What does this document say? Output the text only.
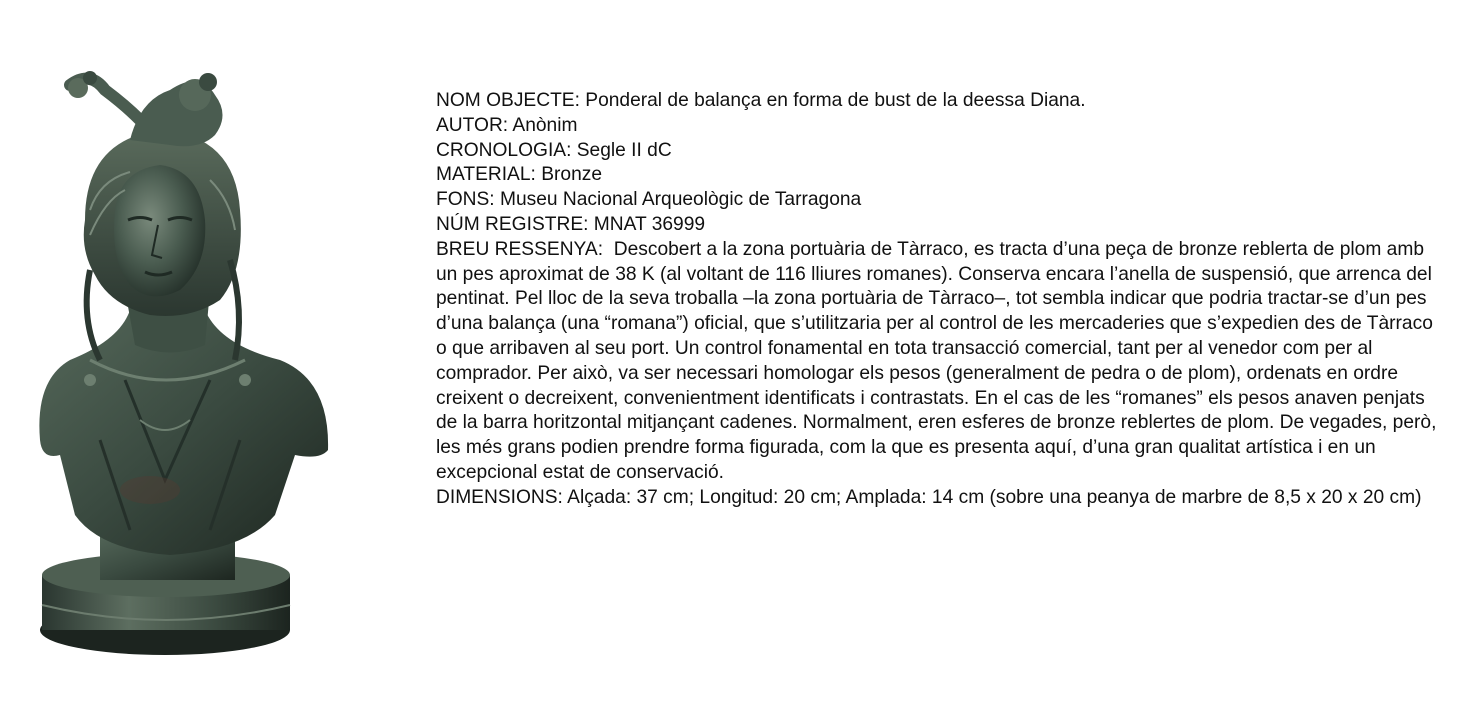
NOM OBJECTE: Ponderal de balança en forma de bust de la deessa Diana.
AUTOR: Anònim
CRONOLOGIA: Segle II dC
MATERIAL: Bronze
FONS: Museu Nacional Arqueològic de Tarragona
NÚM REGISTRE: MNAT 36999
BREU RESSENYA: Descobert a la zona portuària de Tàrraco, es tracta d’una peça de bronze reblerta de plom amb un pes aproximat de 38 K (al voltant de 116 lliures romanes). Conserva encara l’anella de suspensió, que arrenca del pentinat. Pel lloc de la seva troballa –la zona portuària de Tàrraco–, tot sembla indicar que podria tractar-se d’un pes d’una balança (una “romana”) oficial, que s’utilitzaria per al control de les mercaderies que s’expedien des de Tàrraco o que arribaven al seu port. Un control fonamental en tota transacció comercial, tant per al venedor com per al comprador. Per això, va ser necessari homologar els pesos (generalment de pedra o de plom), ordenats en ordre creixent o decreixent, convenientment identificats i contrastats. En el cas de les “romanes” els pesos anaven penjats de la barra horitzontal mitjançant cadenes. Normalment, eren esferes de bronze reblertes de plom. De vegades, però, les més grans podien prendre forma figurada, com la que es presenta aquí, d’una gran qualitat artística i en un excepcional estat de conservació.
DIMENSIONS: Alçada: 37 cm; Longitud: 20 cm; Amplada: 14 cm (sobre una peanya de marbre de 8,5 x 20 x 20 cm)
